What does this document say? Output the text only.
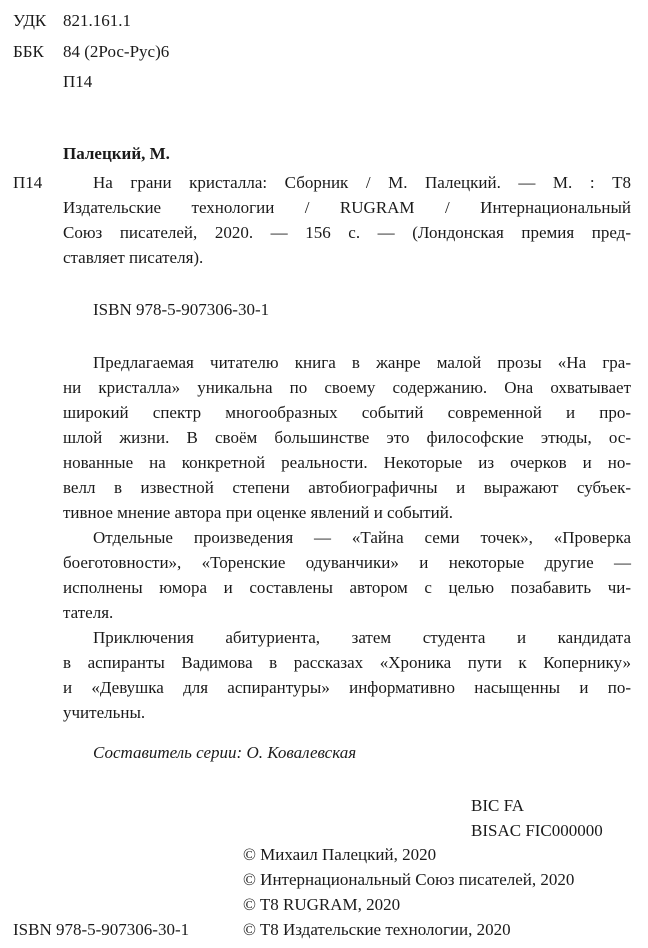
УДК 821.161.1
ББК 84 (2Рос-Рус)6
П14
Палецкий, М.
П14	На грани кристалла: Сборник / М. Палецкий. — М. : Т8
Издательские технологии / RUGRAM / Интернациональный
Союз писателей, 2020. — 156 с. — (Лондонская премия пред-
ставляет писателя).
ISBN 978-5-907306-30-1
Предлагаемая читателю книга в жанре малой прозы «На гра-
ни кристалла» уникальна по своему содержанию. Она охватывает
широкий спектр многообразных событий современной и про-
шлой жизни. В своём большинстве это философские этюды, ос-
нованные на конкретной реальности. Некоторые из очерков и но-
велл в известной степени автобиографичны и выражают субъек-
тивное мнение автора при оценке явлений и событий.
Отдельные произведения — «Тайна семи точек», «Проверка
боеготовности», «Торенские одуванчики» и некоторые другие —
исполнены юмора и составлены автором с целью позабавить чи-
тателя.
Приключения абитуриента, затем студента и кандидата
в аспиранты Вадимова в рассказах «Хроника пути к Копернику»
и «Девушка для аспирантуры» информативно насыщенны и по-
учительны.
Составитель серии: О. Ковалевская
BIC FA
BISAC FIC000000
© Михаил Палецкий, 2020
© Интернациональный Союз писателей, 2020
© T8 RUGRAM, 2020
© T8 Издательские технологии, 2020
ISBN 978-5-907306-30-1
